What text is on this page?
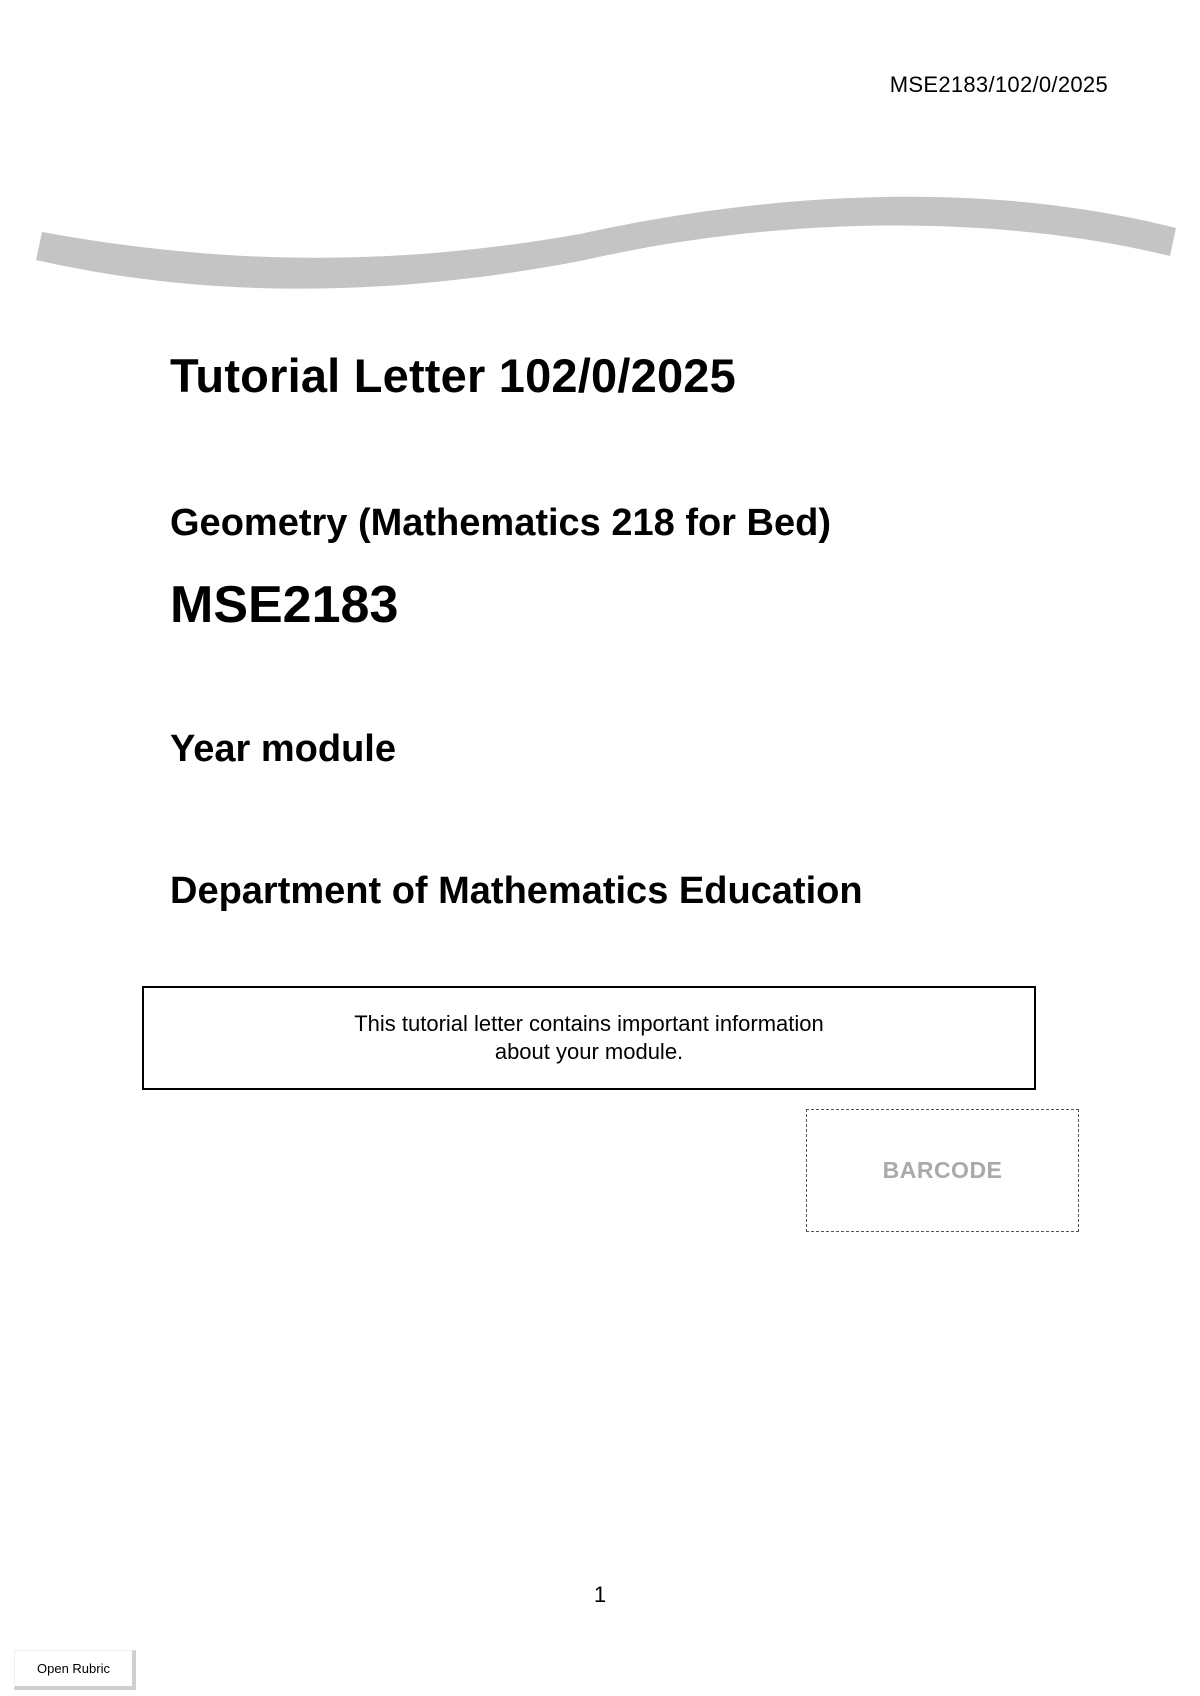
MSE2183/102/0/2025
Tutorial Letter 102/0/2025
Geometry (Mathematics 218 for Bed)
MSE2183
Year module
Department of Mathematics Education
This tutorial letter contains important information
about your module.
BARCODE
1
Open Rubric
